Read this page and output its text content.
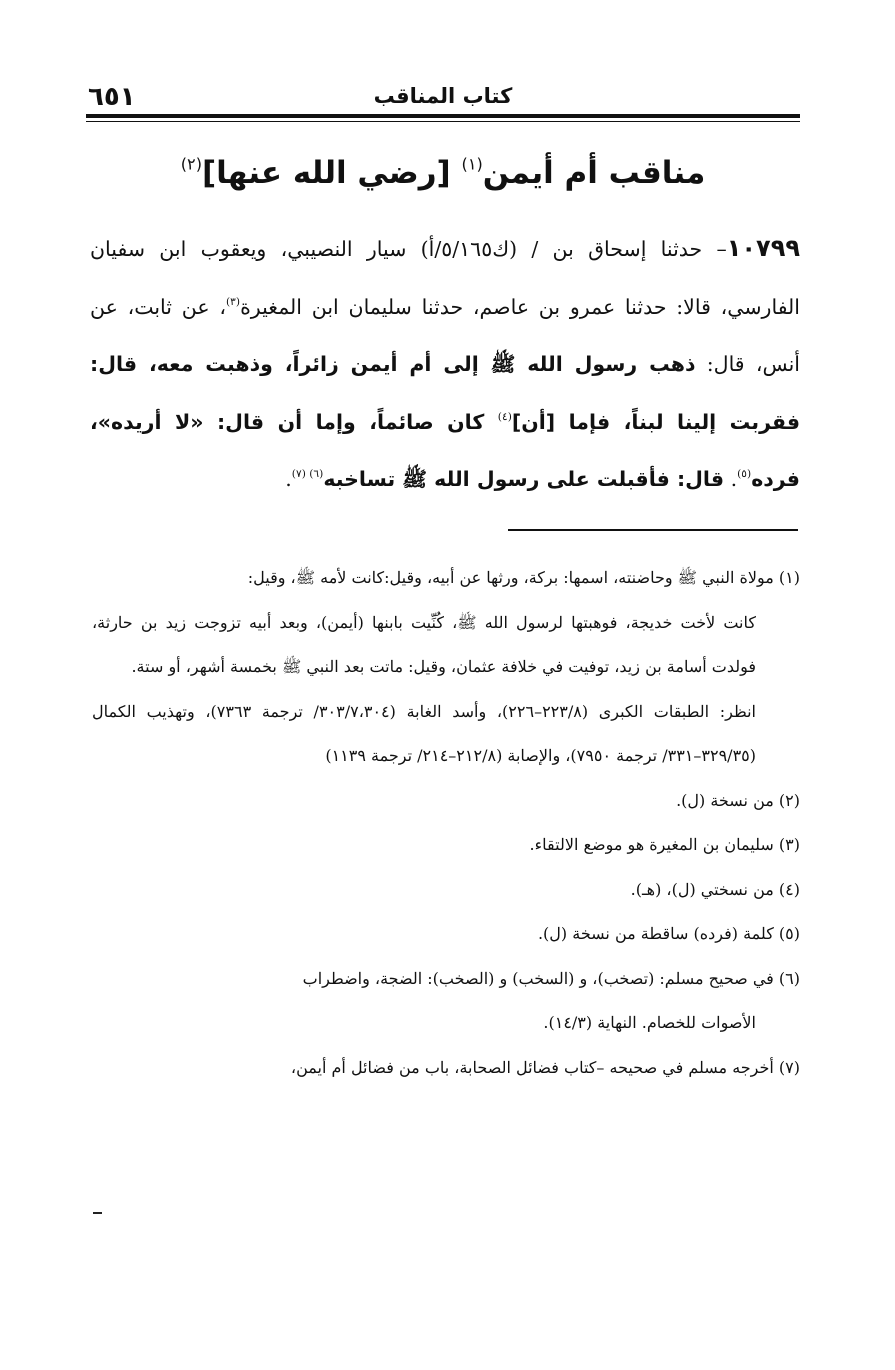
٦٥١	كتاب المناقب
مناقب أم أيمن$^{(١)}$ [رضي الله عنها]$^{(٢)}$
١٠٧٩٩– حدثنا إسحاق بن / (ك٥/١٦٥/أ) سيار النصيبي، ويعقوب ابن سفيان الفارسي، قالا: حدثنا عمرو بن عاصم، حدثنا سليمان ابن المغيرة$^{(٣)}$، عن ثابت، عن أنس، قال: ذهب رسول الله ﷺ إلى أم أيمن زائراً، وذهبت معه، قال: فقربت إلينا لبناً، فإما [أن]$^{(٤)}$ كان صائماً، وإما أن قال: «لا أريده»، فرده$^{(٥)}$. قال: فأقبلت على رسول الله ﷺ تساخبه$^{(٦)}$ $^{(٧)}$.
(١) مولاة النبي ﷺ وحاضنته، اسمها: بركة، ورثها عن أبيه، وقيل:كانت لأمه ﷺ، وقيل:
كانت لأخت خديجة، فوهبتها لرسول الله ﷺ، كُنِّيت بابنها (أيمن)، وبعد أبيه تزوجت زيد بن حارثة، فولدت أسامة بن زيد، توفيت في خلافة عثمان، وقيل: ماتت بعد النبي ﷺ بخمسة أشهر، أو ستة.
انظر: الطبقات الكبرى (٢٢٣/٨–٢٢٦)، وأسد الغابة (٣٠٣/٧،٣٠٤/ ترجمة ٧٣٦٣)، وتهذيب الكمال (٣٢٩/٣٥–٣٣١/ ترجمة ٧٩٥٠)، والإصابة (٢١٢/٨–٢١٤/ ترجمة ١١٣٩)
(٢) من نسخة (ل).
(٣) سليمان بن المغيرة هو موضع الالتقاء.
(٤) من نسختي (ل)، (هـ).
(٥) كلمة (فرده) ساقطة من نسخة (ل).
(٦) في صحيح مسلم: (تصخب)، و (السخب) و (الصخب): الضجة، واضطراب
الأصوات للخصام. النهاية (١٤/٣).
(٧) أخرجه مسلم في صحيحه –كتاب فضائل الصحابة، باب من فضائل أم أيمن،
